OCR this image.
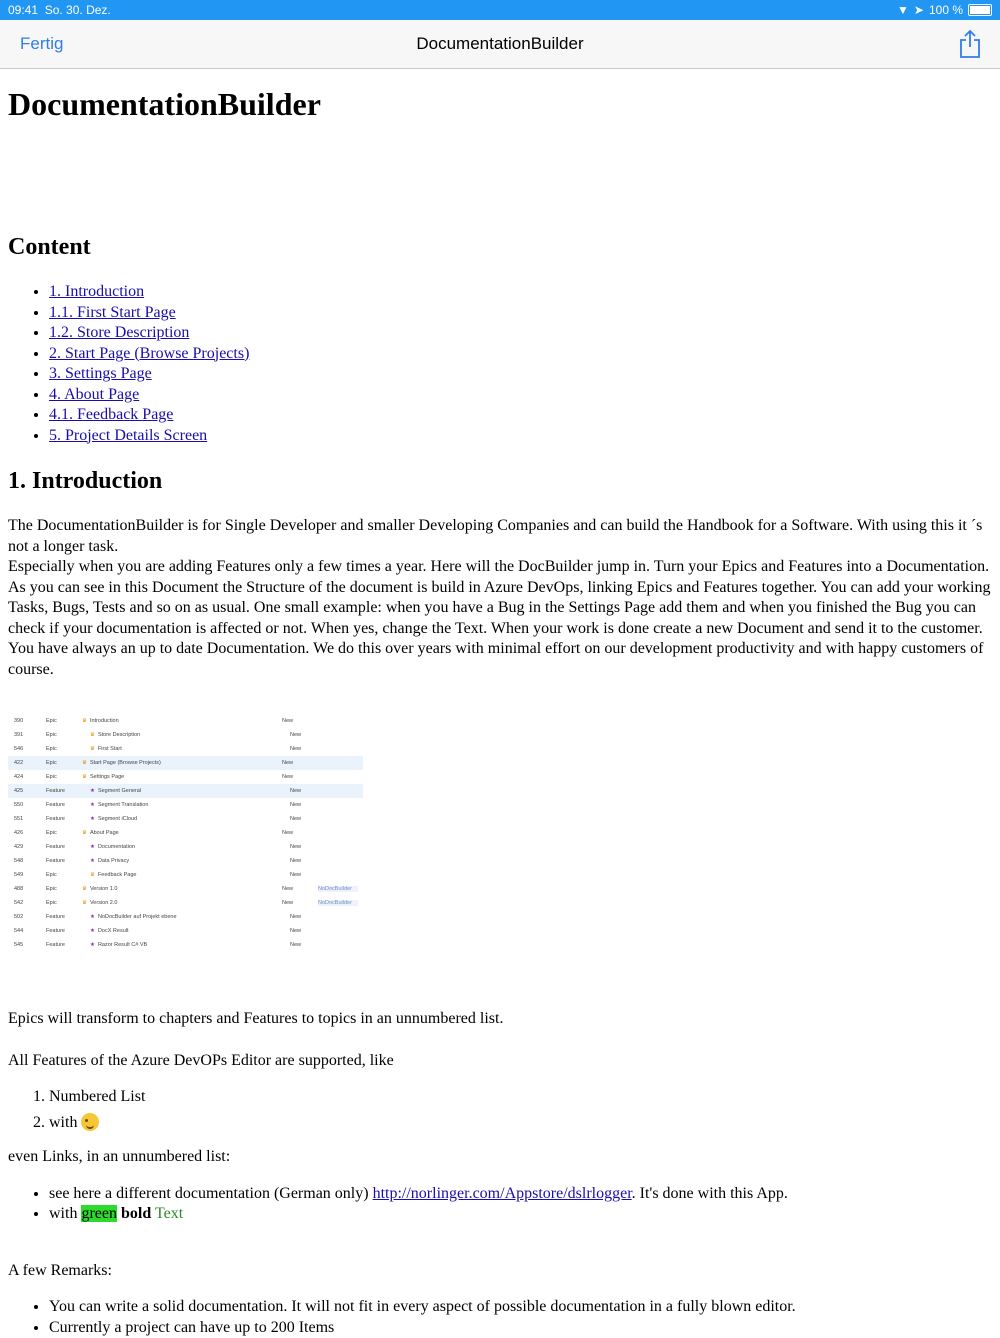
09:41 So. 30. Dez.	▼ ➤ 100 %
Fertig	DocumentationBuilder
DocumentationBuilder
Content
• 1. Introduction
• 1.1. First Start Page
• 1.2. Store Description
• 2. Start Page (Browse Projects)
• 3. Settings Page
• 4. About Page
• 4.1. Feedback Page
• 5. Project Details Screen
1. Introduction

The DocumentationBuilder is for Single Developer and smaller Developing Companies and can build the Handbook for a Software. With using this it ´s not a longer task.

Especially when you are adding Features only a few times a year. Here will the DocBuilder jump in. Turn your Epics and Features into a Documentation. As you can see in this Document the Structure of the document is build in Azure DevOps, linking Epics and Features together. You can add your working Tasks, Bugs, Tests and so on as usual. One small example: when you have a Bug in the Settings Page add them and when you finished the Bug you can check if your documentation is affected or not. When yes, change the Text. When your work is done create a new Document and send it to the customer. You have always an up to date Documentation. We do this over years with minimal effort on our development productivity and with happy customers of course.

390	Epic	♛ Introduction	New
391	Epic	♛ Store Description	New
546	Epic	♛ First Start	New
422	Epic	♛ Start Page (Browse Projects)	New
424	Epic	♛ Settings Page	New
425	Feature	★ Segment General	New
550	Feature	★ Segment Translation	New
551	Feature	★ Segment iCloud	New
426	Epic	♛ About Page	New
429	Feature	★ Documentation	New
548	Feature	★ Data Privacy	New
549	Epic	♛ Feedback Page	New
488	Epic	♛ Version 1.0	New	NoDocBuilder
542	Epic	♛ Version 2.0	New	NoDocBuilder
502	Feature	★ NoDocBuilder auf Projekt ebene	New
544	Feature	★ DocX Result	New
545	Feature	★ Razor Result C# VB	New

Epics will transform to chapters and Features to topics in an unnumbered list.

All Features of the Azure DevOPs Editor are supported, like

1. Numbered List
2. with

even Links, in an unnumbered list:

• see here a different documentation (German only) http://norlinger.com/Appstore/dslrlogger. It's done with this App.
• with green bold Text

A few Remarks:

• You can write a solid documentation. It will not fit in every aspect of possible documentation in a fully blown editor.
• Currently a project can have up to 200 Items
